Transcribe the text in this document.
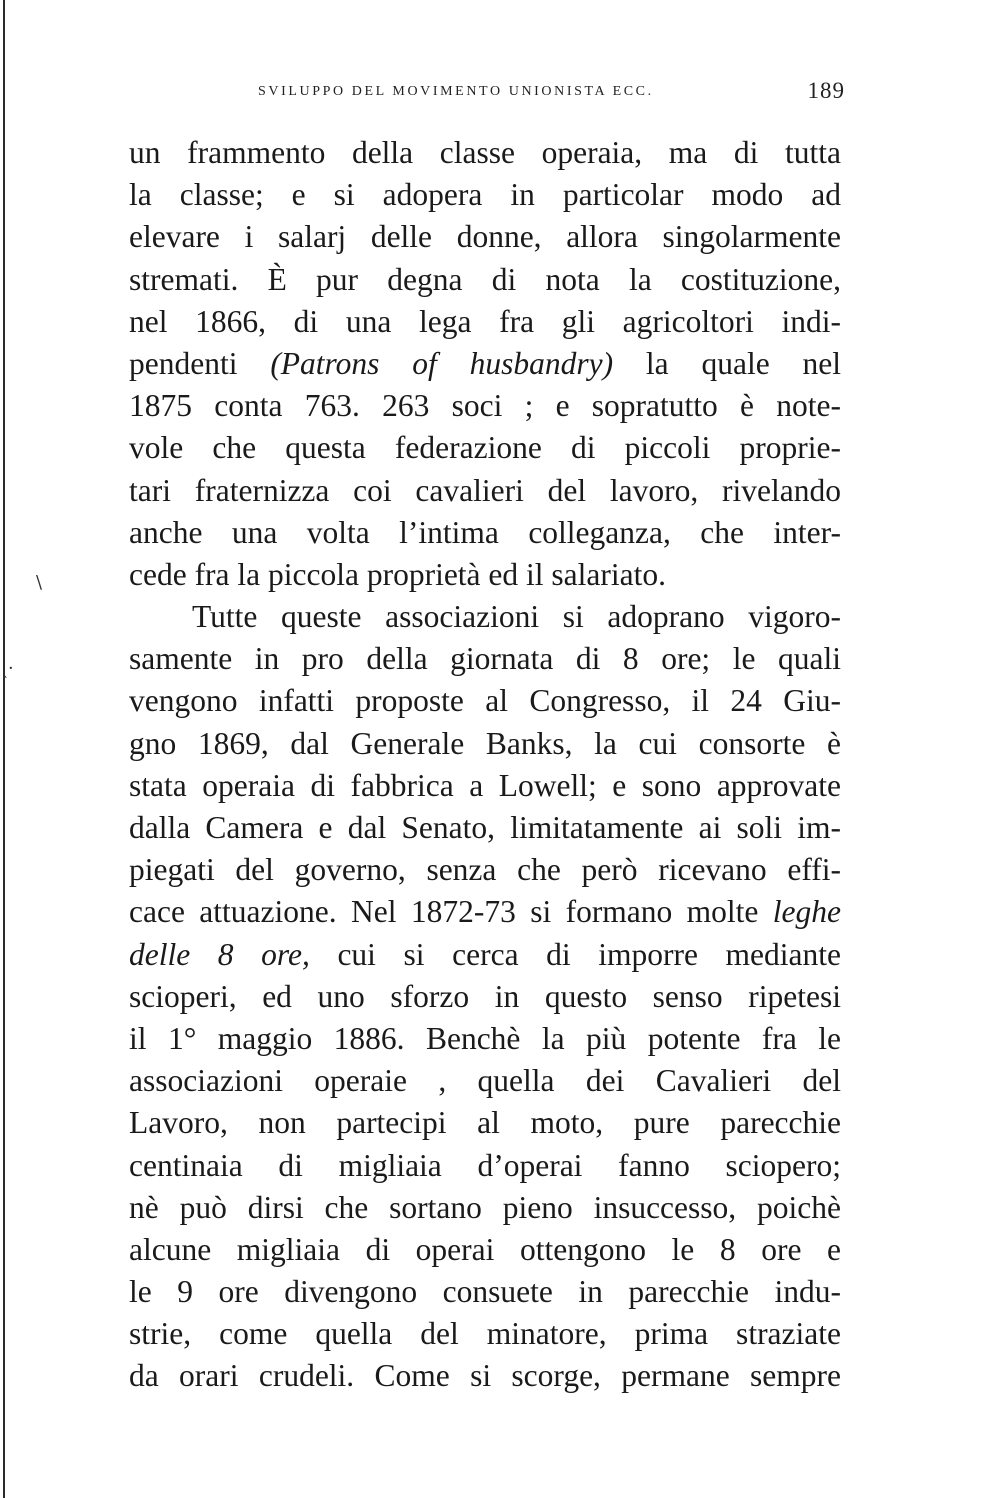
\
ˏ·
SVILUPPO DEL MOVIMENTO UNIONISTA ECC.	189
un frammento della classe operaia, ma di tutta
la classe; e si adopera in particolar modo ad
elevare i salarj delle donne, allora singolarmente
stremati. È pur degna di nota la costituzione,
nel 1866, di una lega fra gli agricoltori indi-
pendenti (Patrons of husbandry) la quale nel
1875 conta 763. 263 soci ; e sopratutto è note-
vole che questa federazione di piccoli proprie-
tari fraternizza coi cavalieri del lavoro, rivelando
anche una volta l’intima colleganza, che inter-
cede fra la piccola proprietà ed il salariato.
Tutte queste associazioni si adoprano vigoro-
samente in pro della giornata di 8 ore; le quali
vengono infatti proposte al Congresso, il 24 Giu-
gno 1869, dal Generale Banks, la cui consorte è
stata operaia di fabbrica a Lowell; e sono approvate
dalla Camera e dal Senato, limitatamente ai soli im-
piegati del governo, senza che però ricevano effi-
cace attuazione. Nel 1872-73 si formano molte leghe
delle 8 ore, cui si cerca di imporre mediante
scioperi, ed uno sforzo in questo senso ripetesi
il 1° maggio 1886. Benchè la più potente fra le
associazioni operaie , quella dei Cavalieri del
Lavoro, non partecipi al moto, pure parecchie
centinaia di migliaia d’operai fanno sciopero;
nè può dirsi che sortano pieno insuccesso, poichè
alcune migliaia di operai ottengono le 8 ore e
le 9 ore divengono consuete in parecchie indu-
strie, come quella del minatore, prima straziate
da orari crudeli. Come si scorge, permane sempre
